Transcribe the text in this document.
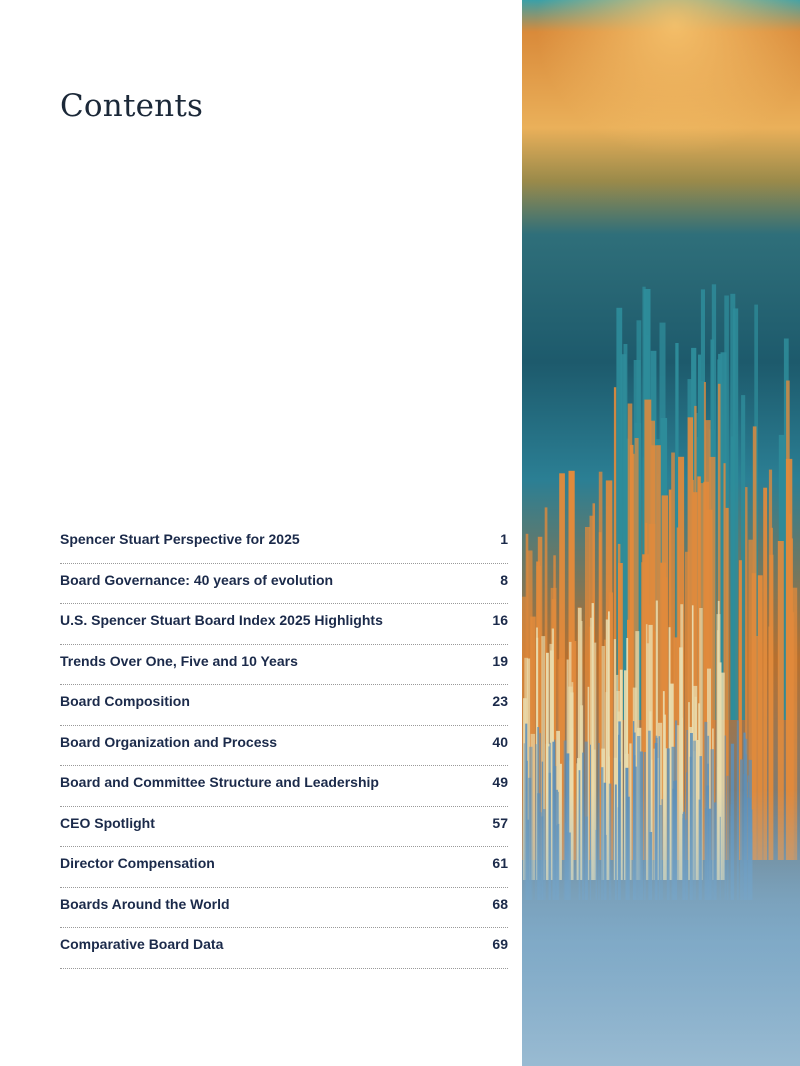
Contents
Spencer Stuart Perspective for 2025	1
Board Governance: 40 years of evolution	8
U.S. Spencer Stuart Board Index 2025 Highlights	16
Trends Over One, Five and 10 Years	19
Board Composition	23
Board Organization and Process	40
Board and Committee Structure and Leadership	49
CEO Spotlight	57
Director Compensation	61
Boards Around the World	68
Comparative Board Data	69
